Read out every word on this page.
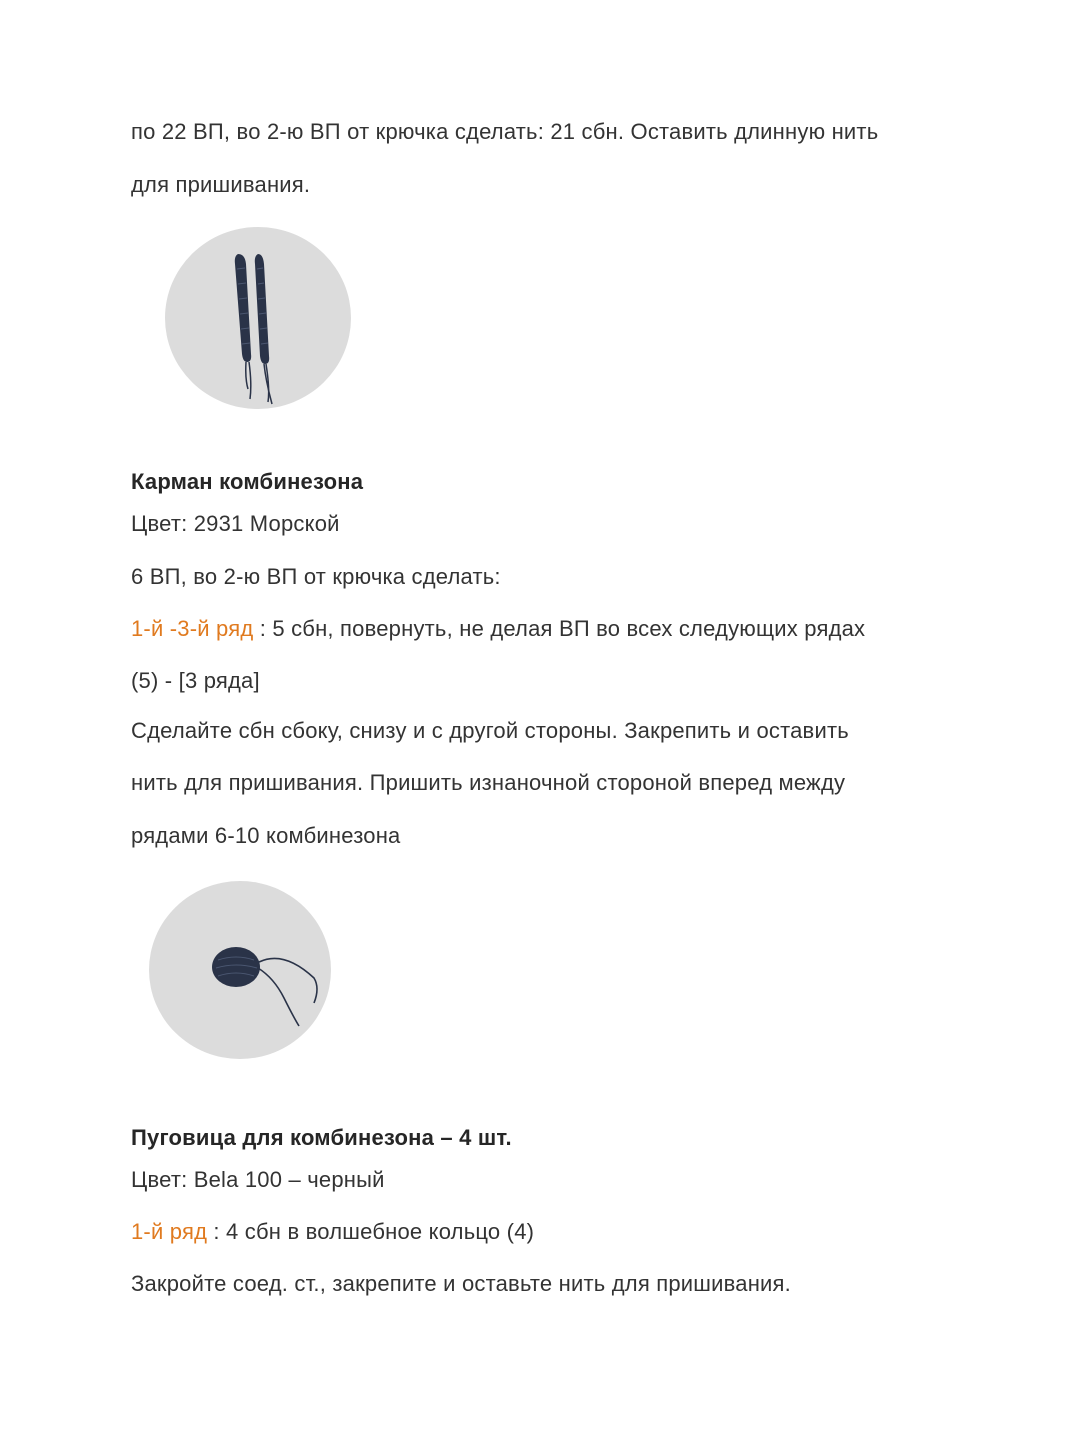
по 22 ВП, во 2-ю ВП от крючка сделать: 21 сбн. Оставить длинную нить
для пришивания.
Карман комбинезона
Цвет: 2931 Морской
6 ВП, во 2-ю ВП от крючка сделать:
1-й -3-й ряд : 5 сбн, повернуть, не делая ВП во всех следующих рядах
(5) - [3 ряда]
Сделайте сбн сбоку, снизу и с другой стороны. Закрепить и оставить
нить для пришивания. Пришить изнаночной стороной вперед между
рядами 6-10 комбинезона
Пуговица для комбинезона – 4 шт.
Цвет: Bela 100 – черный
1-й ряд : 4 сбн в волшебное кольцо (4)
Закройте соед. ст., закрепите и оставьте нить для пришивания.
